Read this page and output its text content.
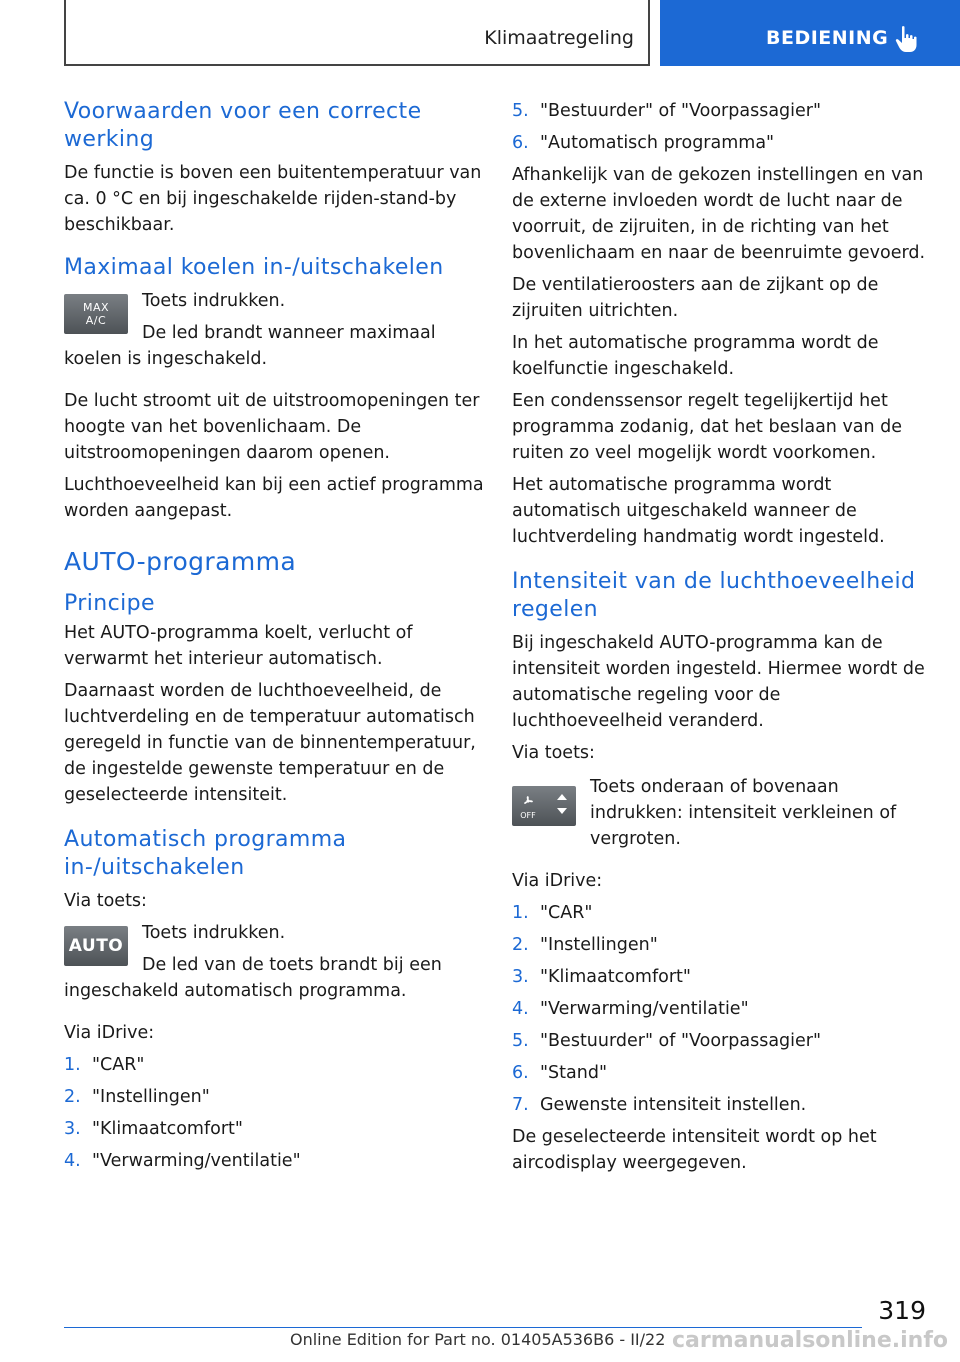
Klimaatregeling	BEDIENING
Voorwaarden voor een correcte werking

De functie is boven een buitentemperatuur van ca. 0 °C en bij ingeschakelde rijden-stand-by beschikbaar.

Maximaal koelen in-/uitschakelen
MAX
A/C

Toets indrukken.

De led brandt wanneer maximaal koelen is ingeschakeld.

De lucht stroomt uit de uitstroomopeningen ter hoogte van het bovenlichaam. De uitstroomopeningen daarom openen.

Luchthoeveelheid kan bij een actief programma worden aangepast.

AUTO-programma
Principe

Het AUTO-programma koelt, verlucht of verwarmt het interieur automatisch.

Daarnaast worden de luchthoeveelheid, de luchtverdeling en de temperatuur automatisch geregeld in functie van de binnentemperatuur, de ingestelde gewenste temperatuur en de geselecteerde intensiteit.

Automatisch programma in-/uitschakelen

Via toets:

AUTO

Toets indrukken.

De led van de toets brandt bij een ingeschakeld automatisch programma.

Via iDrive:

1. "CAR"
2. "Instellingen"
3. "Klimaatcomfort"
4. "Verwarming/ventilatie"
5. "Bestuurder" of "Voorpassagier"
6. "Automatisch programma"

Afhankelijk van de gekozen instellingen en van de externe invloeden wordt de lucht naar de voorruit, de zijruiten, in de richting van het bovenlichaam en naar de beenruimte gevoerd.

De ventilatieroosters aan de zijkant op de zijruiten uitrichten.

In het automatische programma wordt de koelfunctie ingeschakeld.

Een condenssensor regelt tegelijkertijd het programma zodanig, dat het beslaan van de ruiten zo veel mogelijk wordt voorkomen.

Het automatische programma wordt automatisch uitgeschakeld wanneer de luchtverdeling handmatig wordt ingesteld.

Intensiteit van de luchthoeveelheid regelen

Bij ingeschakeld AUTO-programma kan de intensiteit worden ingesteld. Hiermee wordt de automatische regeling voor de luchthoeveelheid veranderd.

Via toets:

OFF

Toets onderaan of bovenaan indrukken: intensiteit verkleinen of vergroten.

Via iDrive:

1. "CAR"
2. "Instellingen"
3. "Klimaatcomfort"
4. "Verwarming/ventilatie"
5. "Bestuurder" of "Voorpassagier"
6. "Stand"
7. Gewenste intensiteit instellen.

De geselecteerde intensiteit wordt op het aircodisplay weergegeven.

319
Online Edition for Part no. 01405A536B6 - II/22 carmanualsonline.info
